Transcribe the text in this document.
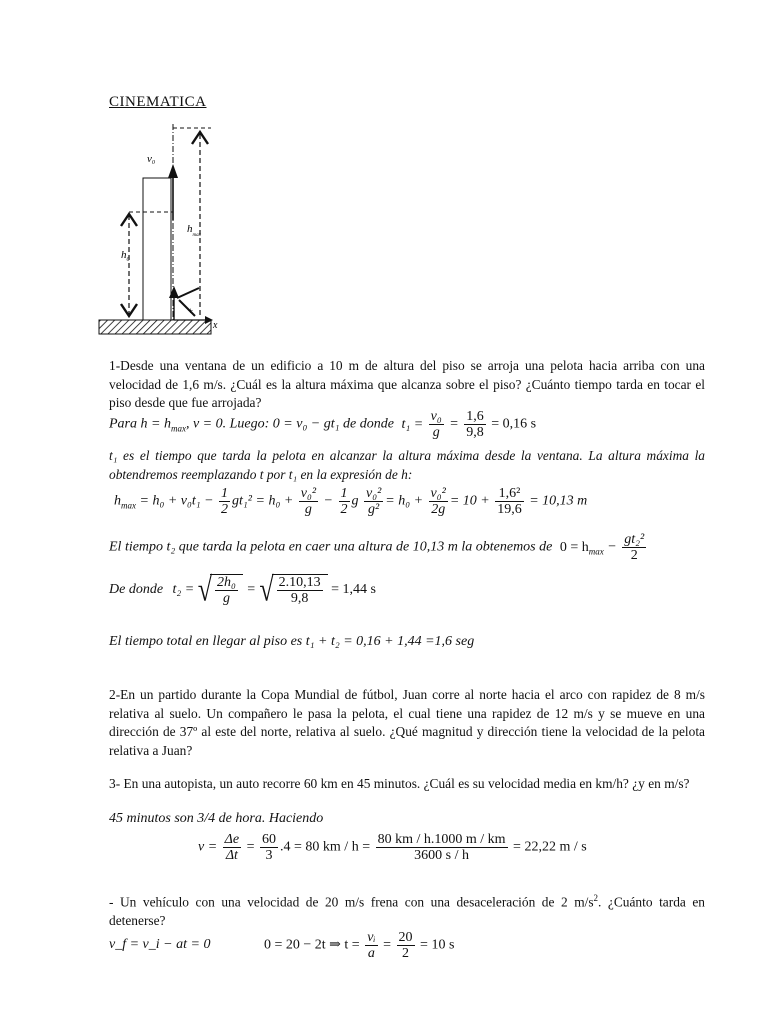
CINEMATICA
+
v0
$h_{max}$
$h_0$
x
1-Desde una ventana de un edificio a 10 m de altura del piso se arroja una pelota hacia arriba con una velocidad de 1,6 m/s. ¿Cuál es la altura máxima que alcanza sobre el piso? ¿Cuánto tiempo tarda en tocar el piso desde que fue arrojada?
Para $h = h_{max}$, v = 0. Luego: 0 = v₀ − gt₁ de donde $t_1 = \frac{\text{v₀}}{g} = \frac{1,6}{9,8} = 0,16$ s
t₁ es el tiempo que tarda la pelota en alcanzar la altura máxima desde la ventana. La altura máxima la obtendremos reemplazando t por t₁ en la expresión de h:
$h_{max} = h_0 + v_0t_1 - \frac{1}{2} gt_1^2 = h_0 + \frac{\text{v₀²}}{g} - \frac{1}{2}$ g $\frac{\text{v₀²}}{\text{g²}} = h_0 + \frac{\text{v₀²}}{2g} = 10 + \frac{\text{1,6²}}{19,6} = 10,13$ m
El tiempo t₂ que tarda la pelota en caer una altura de 10,13 m la obtenemos de $0 = h_{max} - \frac{\text{gt₂²}}{2}$
De donde t₂ = √ $\frac{\text{2h₀}}{g}$ = √ $\frac{2.10,13}{9,8} = 1,44$ s
El tiempo total en llegar al piso es t₁ + t₂ = 0,16 + 1,44 =1,6 seg
2-En un partido durante la Copa Mundial de fútbol, Juan corre al norte hacia el arco con rapidez de 8 m/s relativa al suelo. Un compañero le pasa la pelota, el cual tiene una rapidez de 12 m/s y se mueve en una dirección de 37º al este del norte, relativa al suelo. ¿Qué magnitud y dirección tiene la velocidad de la pelota relativa a Juan?
3- En una autopista, un auto recorre 60 km en 45 minutos. ¿Cuál es su velocidad media en km/h? ¿y en m/s?
45 minutos son 3/4 de hora. Haciendo
$v = \frac{\Delta e}{\Delta t} = \frac{60}{3} .4 = 80$ km / $h = \frac{80 km / h.1000 m / km}{3600 s / h} = 22,22$ m / s
- Un vehículo con una velocidad de 20 m/s frena con una desaceleración de 2 $m/s^2$. ¿Cuánto tarda en detenerse?
v_f = v_i − at = 0	0 = 20 − 2t ⇒ $t = \frac{\text{vᵢ}}{a} = \frac{20}{2} = 10$ s
